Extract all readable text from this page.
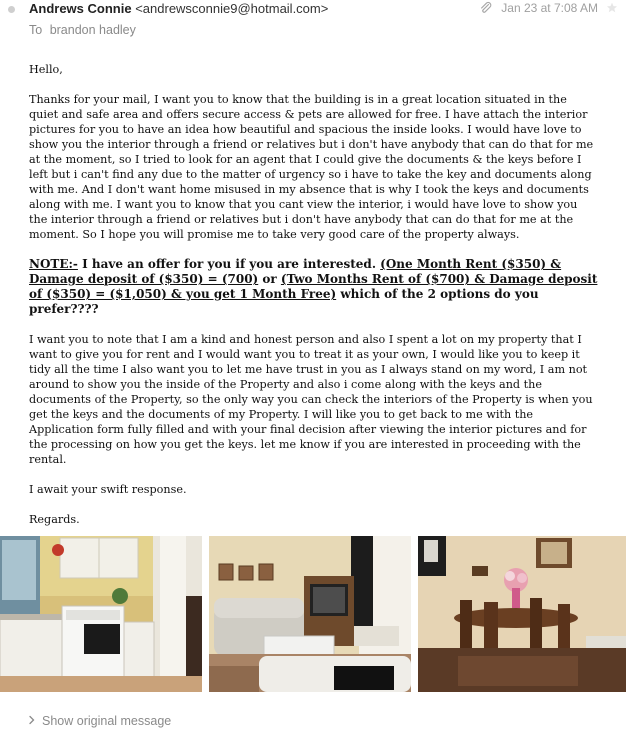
Andrews Connie <andrewsconnie9@hotmail.com>
To brandon hadley
Jan 23 at 7:08 AM

Hello,

Thanks for your mail, I want you to know that the building is in a great location situated in the quiet and safe area and offers secure access & pets are allowed for free. I have attach the interior pictures for you to have an idea how beautiful and spacious the inside looks. I would have love to show you the interior through a friend or relatives but i don't have anybody that can do that for me at the moment, so I tried to look for an agent that I could give the documents & the keys before I left but i can't find any due to the matter of urgency so i have to take the key and documents along with me. And I don't want home misused in my absence that is why I took the keys and documents along with me. I want you to know that you cant view the interior, i would have love to show you the interior through a friend or relatives but i don't have anybody that can do that for me at the moment. So I hope you will promise me to take very good care of the property always.

NOTE:- I have an offer for you if you are interested. (One Month Rent ($350) & Damage deposit of ($350) = (700) or (Two Months Rent of ($700) & Damage deposit of ($350) = ($1,050) & you get 1 Month Free) which of the 2 options do you prefer????

I want you to note that I am a kind and honest person and also I spent a lot on my property that I want to give you for rent and I would want you to treat it as your own, I would like you to keep it tidy all the time I also want you to let me have trust in you as I always stand on my word, I am not around to show you the inside of the Property and also i come along with the keys and the documents of the Property, so the only way you can check the interiors of the Property is when you get the keys and the documents of my Property. I will like you to get back to me with the Application form fully filled and with your final decision after viewing the interior pictures and for the processing on how you get the keys. let me know if you are interested in proceeding with the rental.

I await your swift response.

Regards.

Show original message
